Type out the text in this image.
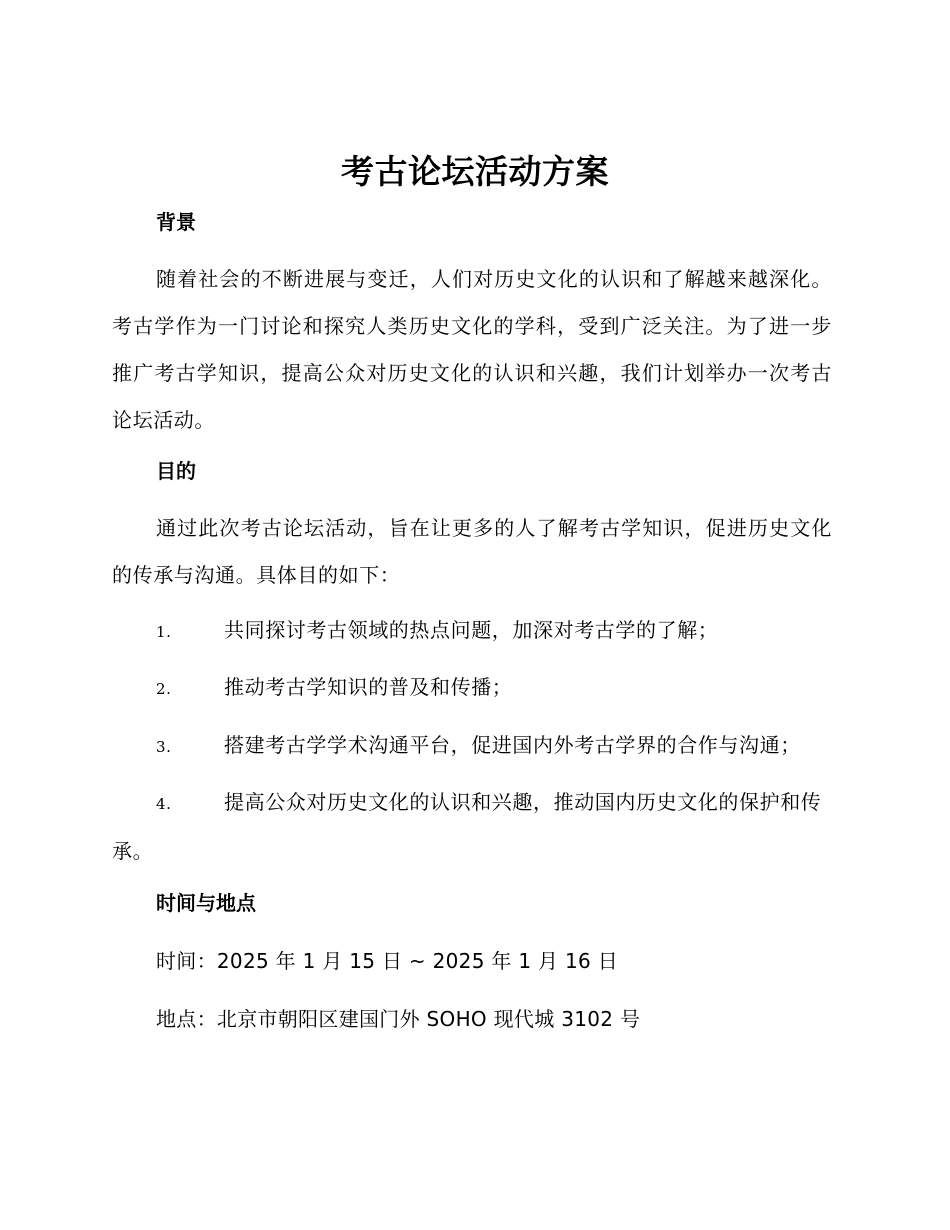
考古论坛活动方案
背景
随着社会的不断进展与变迁，人们对历史文化的认识和了解越来越深化。考古学作为一门讨论和探究人类历史文化的学科，受到广泛关注。为了进一步推广考古学知识，提高公众对历史文化的认识和兴趣，我们计划举办一次考古论坛活动。
目的
通过此次考古论坛活动，旨在让更多的人了解考古学知识，促进历史文化的传承与沟通。具体目的如下：
1.	共同探讨考古领域的热点问题，加深对考古学的了解；
2.	推动考古学知识的普及和传播；
3.	搭建考古学学术沟通平台，促进国内外考古学界的合作与沟通；
4.	提高公众对历史文化的认识和兴趣，推动国内历史文化的保护和传承。
时间与地点
时间：2025 年 1 月 15 日 ~ 2025 年 1 月 16 日
地点：北京市朝阳区建国门外 SOHO 现代城 3102 号
